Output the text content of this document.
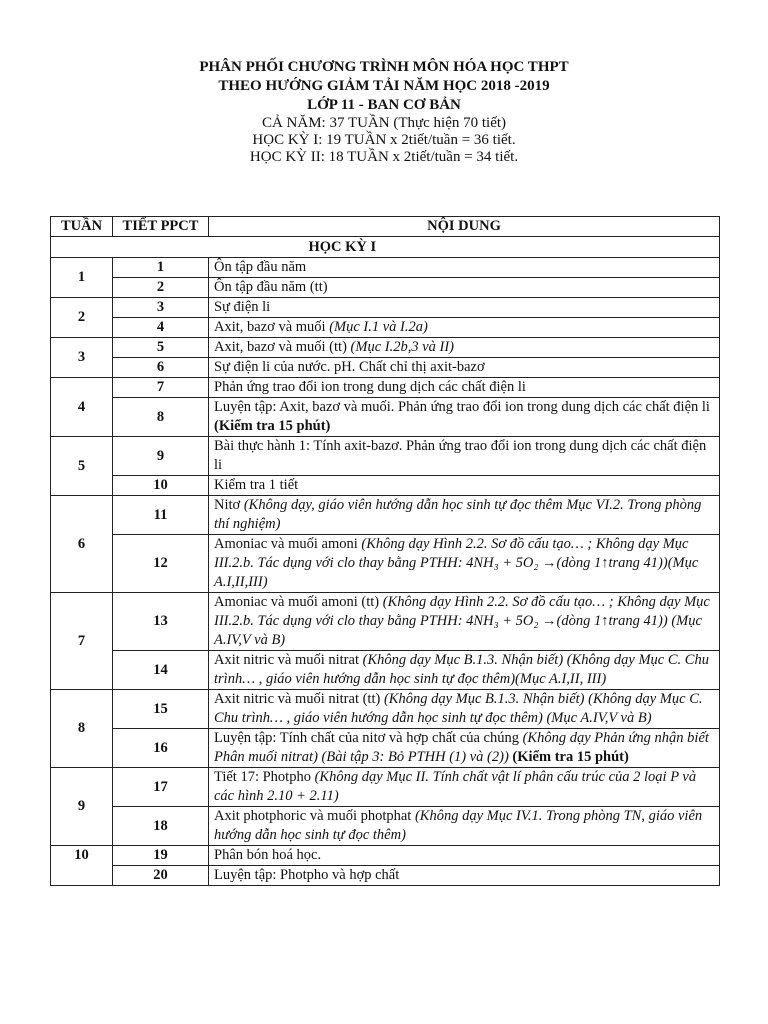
PHÂN PHỐI CHƯƠNG TRÌNH MÔN HÓA HỌC THPT

THEO HƯỚNG GIẢM TẢI NĂM HỌC 2018 -2019

LỚP 11 - BAN CƠ BẢN

CẢ NĂM: 37 TUẦN (Thực hiện 70 tiết)

HỌC KỲ I: 19 TUẦN x 2tiết/tuần = 36 tiết.

HỌC KỲ II: 18 TUẦN x 2tiết/tuần = 34 tiết.

TUẦN	TIẾT PPCT	NỘI DUNG
		HỌC KỲ I
1	1	Ôn tập đầu năm
	2	Ôn tập đầu năm (tt)
2	3	Sự điện li
	4	Axit, bazơ và muối (Mục I.1 và I.2a)
3	5	Axit, bazơ và muối (tt) (Mục I.2b,3 và II)
	6	Sự điện li của nước. pH. Chất chỉ thị axit-bazơ
4	7	Phản ứng trao đổi ion trong dung dịch các chất điện li
	8	Luyện tập: Axit, bazơ và muối. Phản ứng trao đổi ion trong dung dịch các chất điện li (Kiểm tra 15 phút)
5	9	Bài thực hành 1: Tính axit-bazơ. Phản ứng trao đổi ion trong dung dịch các chất điện li
	10	Kiểm tra 1 tiết
6	11	Nitơ (Không dạy, giáo viên hướng dẫn học sinh tự đọc thêm Mục VI.2. Trong phòng thí nghiệm)
	12	Amoniac và muối amoni (Không dạy Hình 2.2. Sơ đồ cấu tạo… ; Không dạy Mục III.2.b. Tác dụng với clo thay bằng PTHH: 4NH₃ + 5O₂ →(dòng 1↑trang 41))(Mục A.I,II,III)
7	13	Amoniac và muối amoni (tt) (Không dạy Hình 2.2. Sơ đồ cấu tạo… ; Không dạy Mục III.2.b. Tác dụng với clo thay bằng PTHH: 4NH₃ + 5O₂ →(dòng 1↑trang 41)) (Mục A.IV,V và B)
	14	Axit nitric và muối nitrat (Không dạy Mục B.1.3. Nhận biết) (Không dạy Mục C. Chu trình… , giáo viên hướng dẫn học sinh tự đọc thêm)(Mục A.I,II, III)
8	15	Axit nitric và muối nitrat (tt) (Không dạy Mục B.1.3. Nhận biết) (Không dạy Mục C. Chu trình… , giáo viên hướng dẫn học sinh tự đọc thêm) (Mục A.IV,V và B)
	16	Luyện tập: Tính chất của nitơ và hợp chất của chúng (Không dạy Phản ứng nhận biết Phân muối nitrat) (Bài tập 3: Bỏ PTHH (1) và (2)) (Kiểm tra 15 phút)
9	17	Tiết 17: Photpho (Không dạy Mục II. Tính chất vật lí phân cấu trúc của 2 loại P và các hình 2.10 + 2.11)
	18	Axit photphoric và muối photphat (Không dạy Mục IV.1. Trong phòng TN, giáo viên hướng dẫn học sinh tự đọc thêm)
10	19	Phân bón hoá học.
	20	Luyện tập: Photpho và hợp chất
